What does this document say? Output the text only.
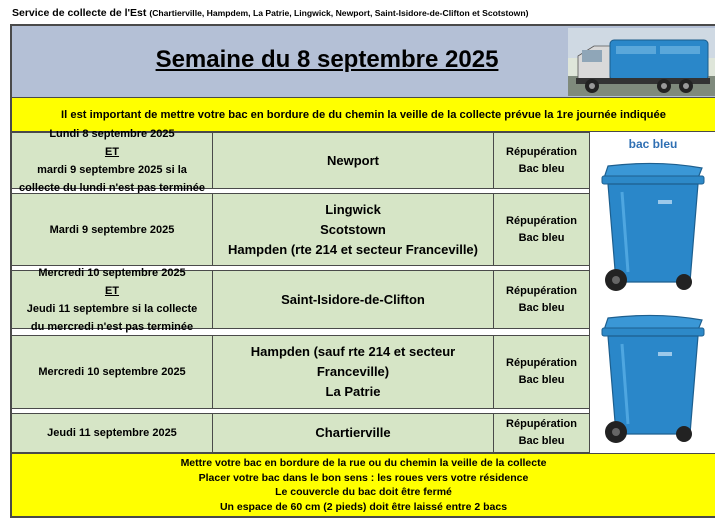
Service de collecte de l'Est (Chartierville, Hampdem, La Patrie, Lingwick, Newport, Saint-Isidore-de-Clifton et Scotstown)
Semaine du 8 septembre 2025
Il est important de mettre votre bac en bordure de du chemin la veille de la collecte prévue la 1re journée indiquée
Lundi 8 septembre 2025
ET
mardi 9 septembre 2025 si la
collecte du lundi n'est pas terminée
Newport
Répupération
Bac bleu
Mardi 9 septembre 2025
Lingwick
Scotstown
Hampden (rte 214 et secteur Franceville)
Répupération
Bac bleu
Mercredi 10 septembre 2025
ET
Jeudi 11 septembre si la collecte
du mercredi n'est pas terminée
Saint-Isidore-de-Clifton
Répupération
Bac bleu
Mercredi 10 septembre 2025
Hampden (sauf rte 214 et secteur
Franceville)
La Patrie
Répupération
Bac bleu
Jeudi 11 septembre 2025	Chartierville
Répupération
Bac bleu
bac bleu
Mettre votre bac en bordure de la rue ou du chemin la veille de la collecte
Placer votre bac dans le bon sens : les roues vers votre résidence
Le couvercle du bac doit être fermé
Un espace de 60 cm (2 pieds) doit être laissé entre 2 bacs
